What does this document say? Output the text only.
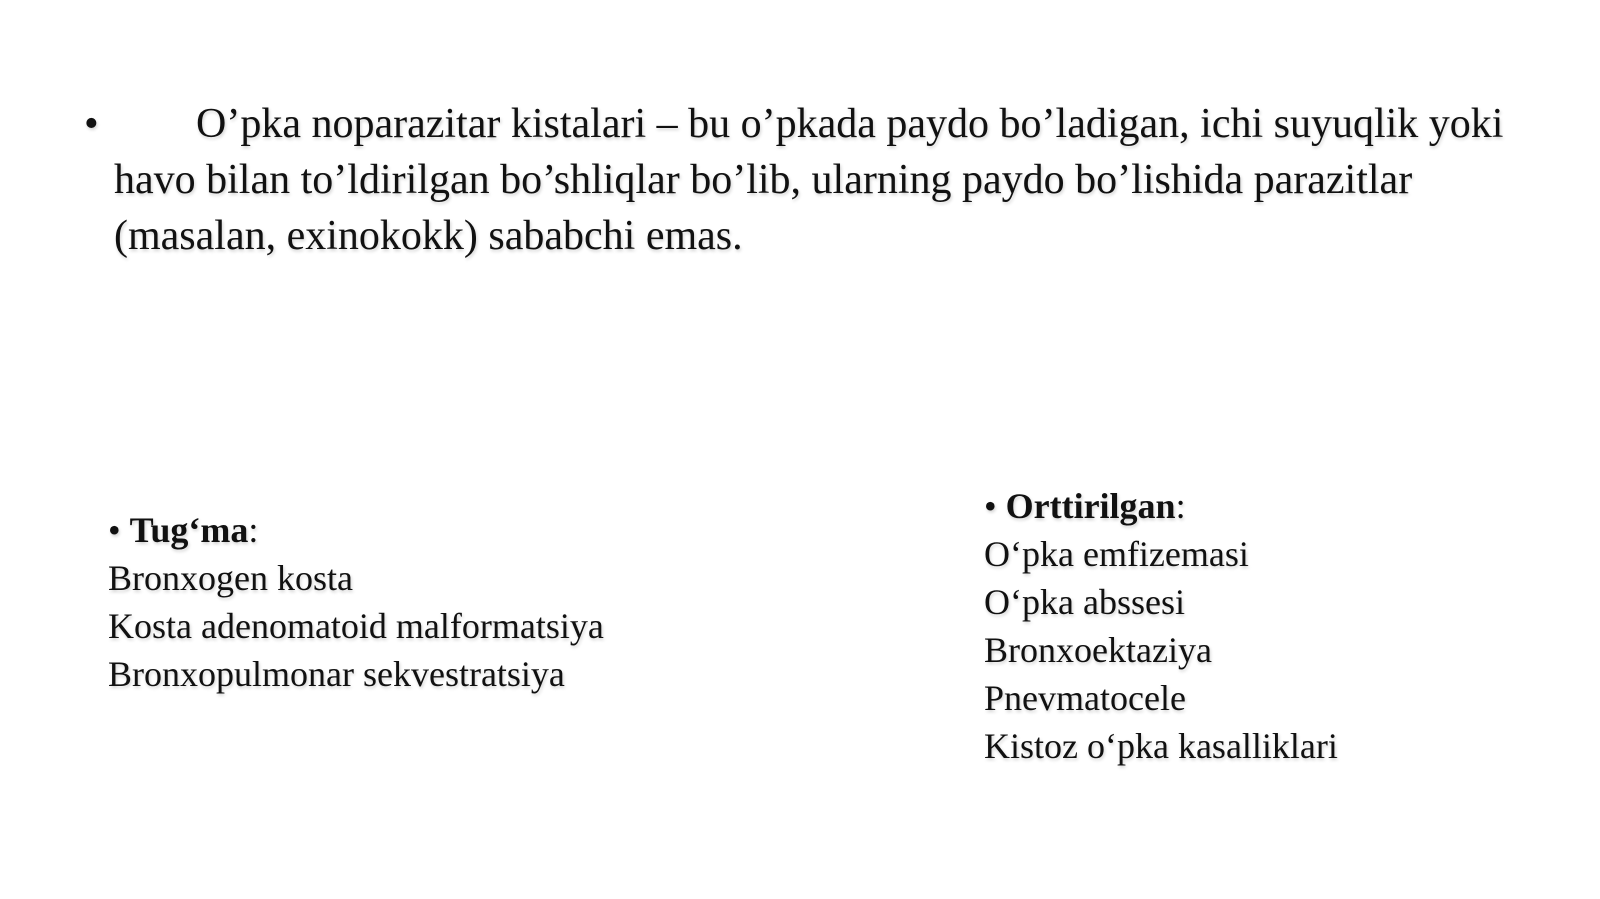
•	O’pka noparazitar kistalari – bu o’pkada paydo bo’ladigan, ichi suyuqlik yoki havo bilan to’ldirilgan bo’shliqlar bo’lib, ularning paydo bo’lishida parazitlar (masalan, exinokokk) sababchi emas.
• Tug‘ma:
Bronxogen kosta
Kosta adenomatoid malformatsiya
Bronxopulmonar sekvestratsiya
• Orttirilgan:
O‘pka emfizemasi
O‘pka abssesi
Bronxoektaziya
Pnevmatocele
Kistoz o‘pka kasalliklari
